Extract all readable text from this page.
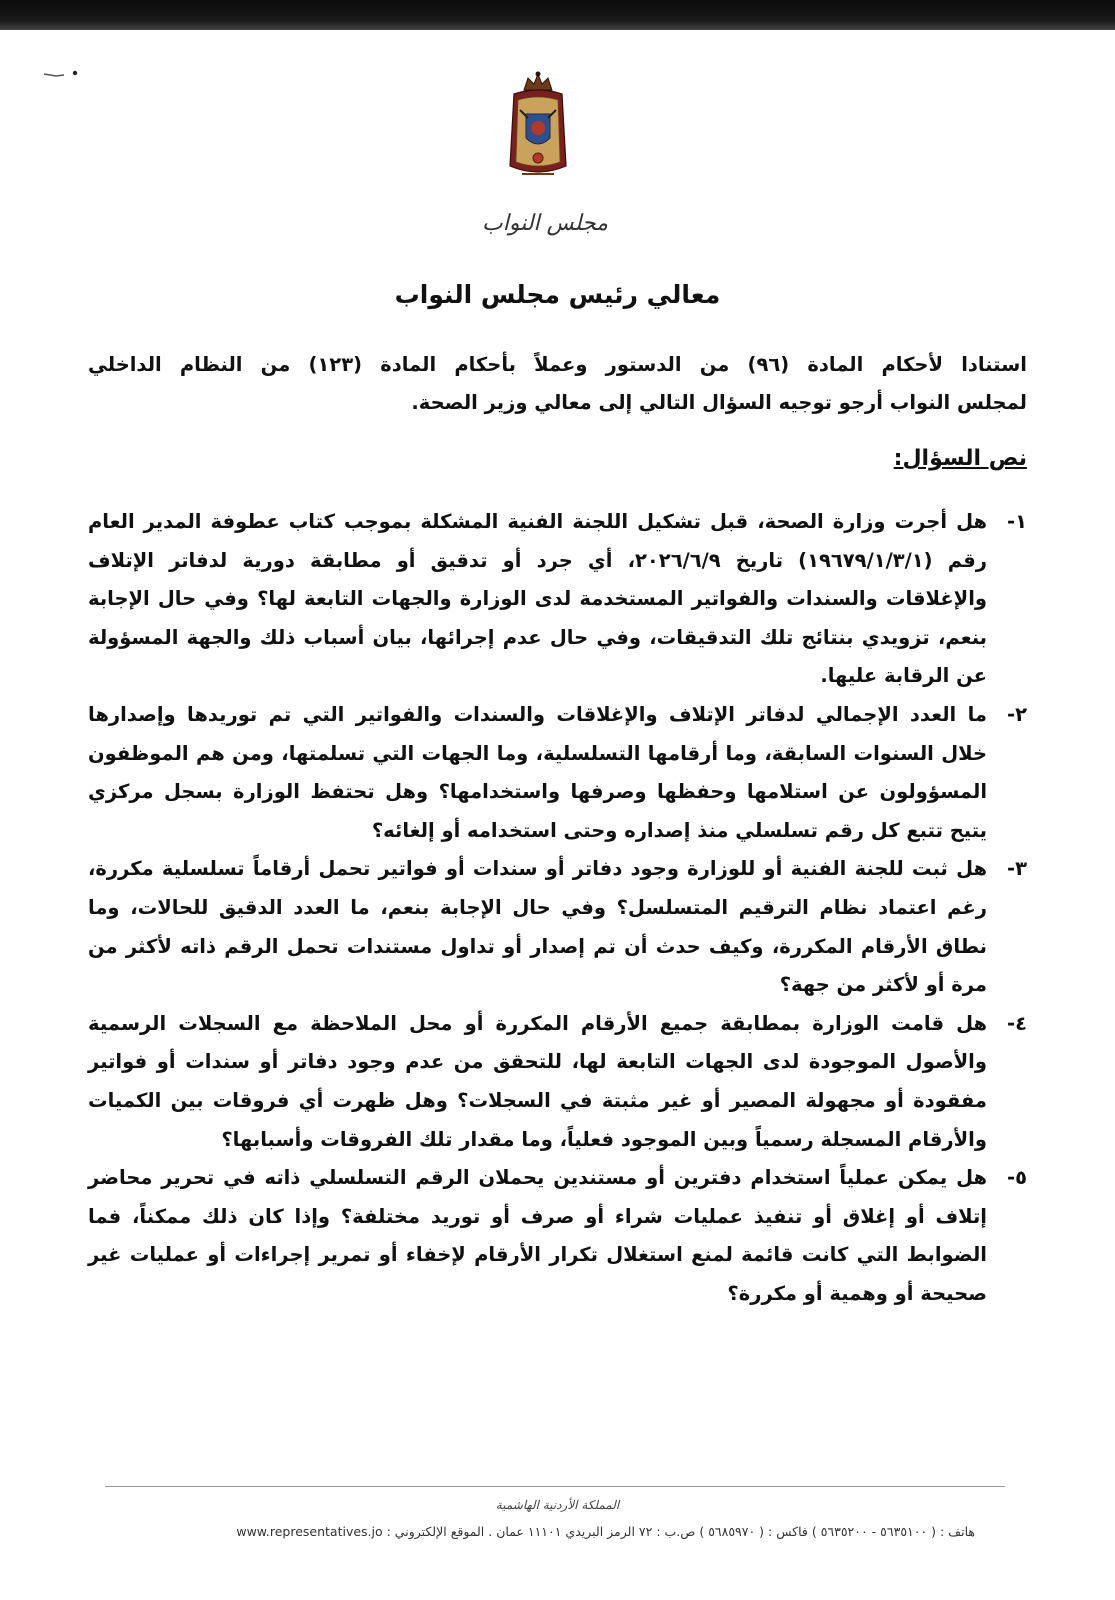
مجلس النواب
معالي رئيس مجلس النواب

استنادا لأحكام المادة (٩٦) من الدستور وعملاً بأحكام المادة (١٢٣) من النظام الداخلي

لمجلس النواب أرجو توجيه السؤال التالي إلى معالي وزير الصحة.

نص السؤال:
١-
هل أجرت وزارة الصحة، قبل تشكيل اللجنة الفنية المشكلة بموجب كتاب عطوفة المدير العام رقم (١٩٦٧٩/١/٣/١) تاريخ ٢٠٢٦/٦/٩، أي جرد أو تدقيق أو مطابقة دورية لدفاتر الإتلاف والإغلاقات والسندات والفواتير المستخدمة لدى الوزارة والجهات التابعة لها؟ وفي حال الإجابة بنعم، تزويدي بنتائج تلك التدقيقات، وفي حال عدم إجرائها، بيان أسباب ذلك والجهة المسؤولة عن الرقابة عليها.
٢-
ما العدد الإجمالي لدفاتر الإتلاف والإغلاقات والسندات والفواتير التي تم توريدها وإصدارها خلال السنوات السابقة، وما أرقامها التسلسلية، وما الجهات التي تسلمتها، ومن هم الموظفون المسؤولون عن استلامها وحفظها وصرفها واستخدامها؟ وهل تحتفظ الوزارة بسجل مركزي يتيح تتبع كل رقم تسلسلي منذ إصداره وحتى استخدامه أو إلغائه؟
٣-
هل ثبت للجنة الفنية أو للوزارة وجود دفاتر أو سندات أو فواتير تحمل أرقاماً تسلسلية مكررة، رغم اعتماد نظام الترقيم المتسلسل؟ وفي حال الإجابة بنعم، ما العدد الدقيق للحالات، وما نطاق الأرقام المكررة، وكيف حدث أن تم إصدار أو تداول مستندات تحمل الرقم ذاته لأكثر من مرة أو لأكثر من جهة؟
٤-
هل قامت الوزارة بمطابقة جميع الأرقام المكررة أو محل الملاحظة مع السجلات الرسمية والأصول الموجودة لدى الجهات التابعة لها، للتحقق من عدم وجود دفاتر أو سندات أو فواتير مفقودة أو مجهولة المصير أو غير مثبتة في السجلات؟ وهل ظهرت أي فروقات بين الكميات والأرقام المسجلة رسمياً وبين الموجود فعلياً، وما مقدار تلك الفروقات وأسبابها؟
٥-
هل يمكن عملياً استخدام دفترين أو مستندين يحملان الرقم التسلسلي ذاته في تحرير محاضر إتلاف أو إغلاق أو تنفيذ عمليات شراء أو صرف أو توريد مختلفة؟ وإذا كان ذلك ممكناً، فما الضوابط التي كانت قائمة لمنع استغلال تكرار الأرقام لإخفاء أو تمرير إجراءات أو عمليات غير صحيحة أو وهمية أو مكررة؟
المملكة الأردنية الهاشمية
هاتف : ( ٥٦٣٥١٠٠ - ٥٦٣٥٢٠٠ ) فاكس : ( ٥٦٨٥٩٧٠ ) ص.ب : ٧٢ الرمز البريدي ١١١٠١ عمان . الموقع الإلكتروني : www.representatives.jo
